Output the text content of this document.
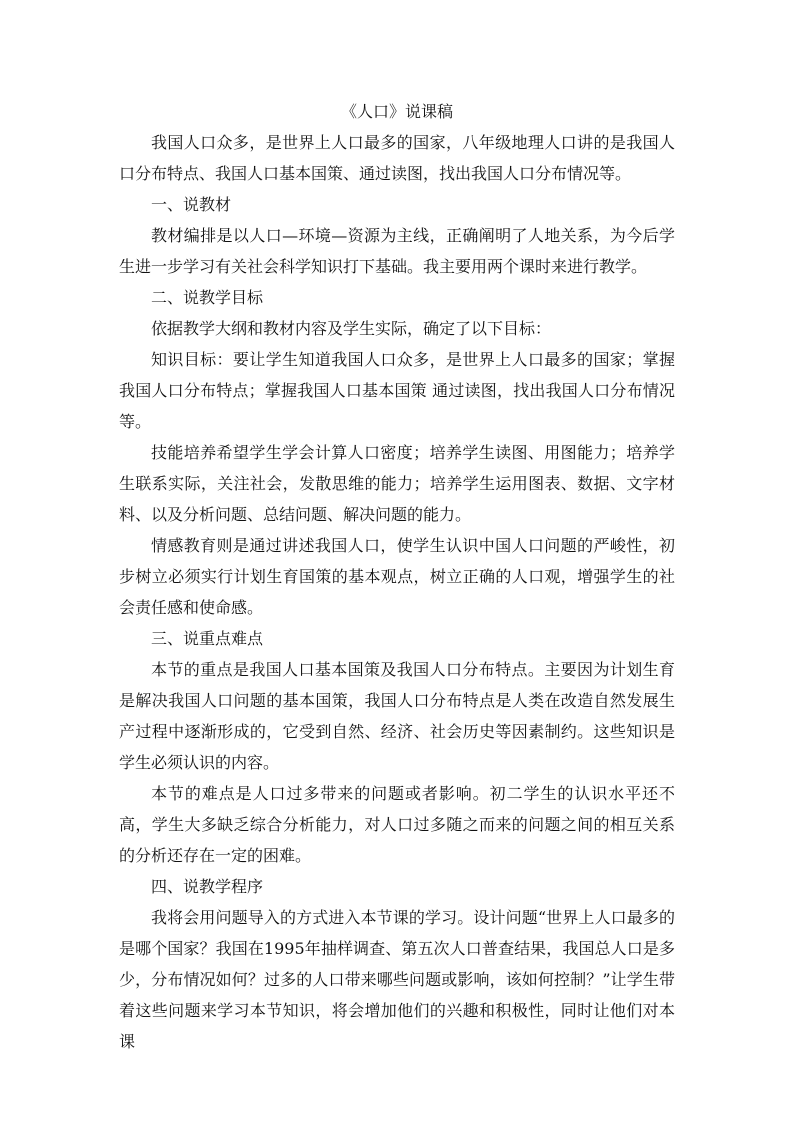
《人口》说课稿

我国人口众多，是世界上人口最多的国家，八年级地理人口讲的是我国人口分布特点、我国人口基本国策、通过读图，找出我国人口分布情况等。

一、说教材

教材编排是以人口—环境—资源为主线，正确阐明了人地关系，为今后学生进一步学习有关社会科学知识打下基础。我主要用两个课时来进行教学。

二、说教学目标

依据教学大纲和教材内容及学生实际，确定了以下目标：

知识目标：要让学生知道我国人口众多，是世界上人口最多的国家；掌握我国人口分布特点；掌握我国人口基本国策 通过读图，找出我国人口分布情况等。

技能培养希望学生学会计算人口密度；培养学生读图、用图能力；培养学生联系实际，关注社会，发散思维的能力；培养学生运用图表、数据、文字材料、以及分析问题、总结问题、解决问题的能力。

情感教育则是通过讲述我国人口，使学生认识中国人口问题的严峻性，初步树立必须实行计划生育国策的基本观点，树立正确的人口观，增强学生的社会责任感和使命感。

三、说重点难点

本节的重点是我国人口基本国策及我国人口分布特点。主要因为计划生育是解决我国人口问题的基本国策，我国人口分布特点是人类在改造自然发展生产过程中逐渐形成的，它受到自然、经济、社会历史等因素制约。这些知识是学生必须认识的内容。

本节的难点是人口过多带来的问题或者影响。初二学生的认识水平还不高，学生大多缺乏综合分析能力，对人口过多随之而来的问题之间的相互关系的分析还存在一定的困难。

四、说教学程序

我将会用问题导入的方式进入本节课的学习。设计问题“世界上人口最多的是哪个国家？我国在1995年抽样调查、第五次人口普查结果，我国总人口是多少，分布情况如何？过多的人口带来哪些问题或影响，该如何控制？”让学生带着这些问题来学习本节知识，将会增加他们的兴趣和积极性，同时让他们对本课
